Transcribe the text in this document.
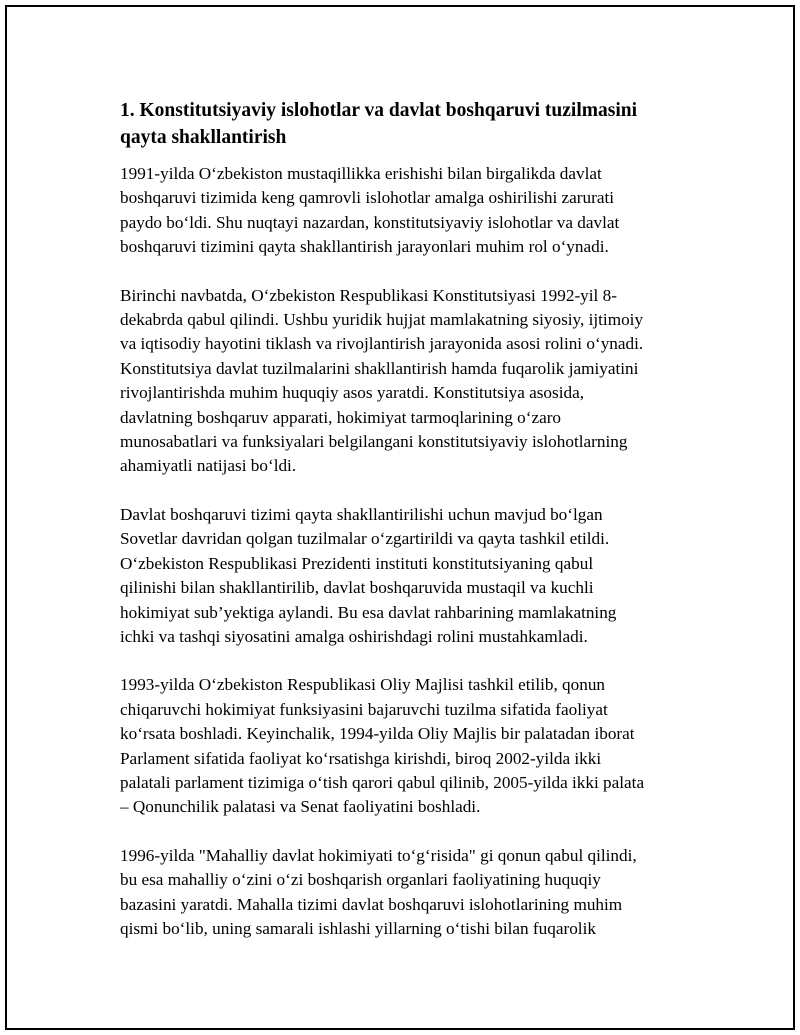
1. Konstitutsiyaviy islohotlar va davlat boshqaruvi tuzilmasini
qayta shakllantirish

1991-yilda O‘zbekiston mustaqillikka erishishi bilan birgalikda davlat
boshqaruvi tizimida keng qamrovli islohotlar amalga oshirilishi zarurati
paydo bo‘ldi. Shu nuqtayi nazardan, konstitutsiyaviy islohotlar va davlat
boshqaruvi tizimini qayta shakllantirish jarayonlari muhim rol o‘ynadi.

Birinchi navbatda, O‘zbekiston Respublikasi Konstitutsiyasi 1992-yil 8-
dekabrda qabul qilindi. Ushbu yuridik hujjat mamlakatning siyosiy, ijtimoiy
va iqtisodiy hayotini tiklash va rivojlantirish jarayonida asosi rolini o‘ynadi.
Konstitutsiya davlat tuzilmalarini shakllantirish hamda fuqarolik jamiyatini
rivojlantirishda muhim huquqiy asos yaratdi. Konstitutsiya asosida,
davlatning boshqaruv apparati, hokimiyat tarmoqlarining o‘zaro
munosabatlari va funksiyalari belgilangani konstitutsiyaviy islohotlarning
ahamiyatli natijasi bo‘ldi.

Davlat boshqaruvi tizimi qayta shakllantirilishi uchun mavjud bo‘lgan
Sovetlar davridan qolgan tuzilmalar o‘zgartirildi va qayta tashkil etildi.
O‘zbekiston Respublikasi Prezidenti instituti konstitutsiyaning qabul
qilinishi bilan shakllantirilib, davlat boshqaruvida mustaqil va kuchli
hokimiyat sub’yektiga aylandi. Bu esa davlat rahbarining mamlakatning
ichki va tashqi siyosatini amalga oshirishdagi rolini mustahkamladi.

1993-yilda O‘zbekiston Respublikasi Oliy Majlisi tashkil etilib, qonun
chiqaruvchi hokimiyat funksiyasini bajaruvchi tuzilma sifatida faoliyat
ko‘rsata boshladi. Keyinchalik, 1994-yilda Oliy Majlis bir palatadan iborat
Parlament sifatida faoliyat ko‘rsatishga kirishdi, biroq 2002-yilda ikki
palatali parlament tizimiga o‘tish qarori qabul qilinib, 2005-yilda ikki palata
– Qonunchilik palatasi va Senat faoliyatini boshladi.

1996-yilda "Mahalliy davlat hokimiyati to‘g‘risida" gi qonun qabul qilindi,
bu esa mahalliy o‘zini o‘zi boshqarish organlari faoliyatining huquqiy
bazasini yaratdi. Mahalla tizimi davlat boshqaruvi islohotlarining muhim
qismi bo‘lib, uning samarali ishlashi yillarning o‘tishi bilan fuqarolik
